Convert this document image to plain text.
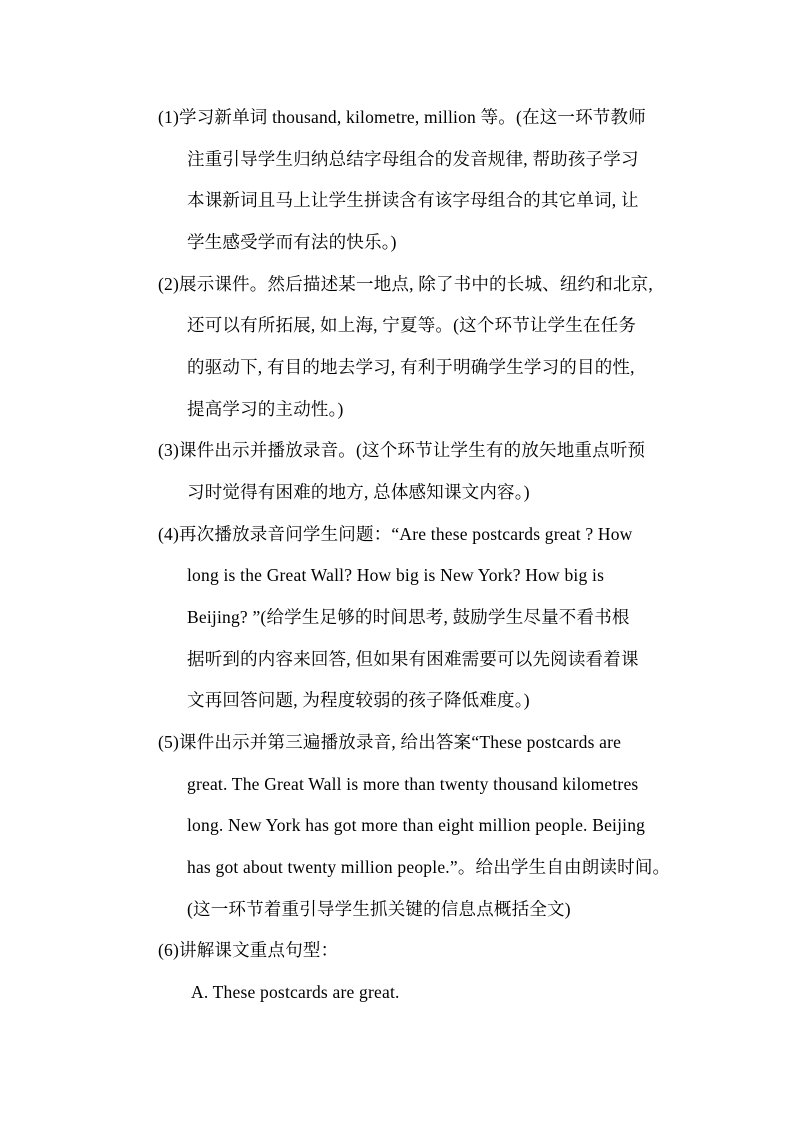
(1)学习新单词 thousand, kilometre, million 等。(在这一环节教师
注重引导学生归纳总结字母组合的发音规律, 帮助孩子学习
本课新词且马上让学生拼读含有该字母组合的其它单词, 让
学生感受学而有法的快乐。)
(2)展示课件。然后描述某一地点, 除了书中的长城、纽约和北京,
还可以有所拓展, 如上海, 宁夏等。(这个环节让学生在任务
的驱动下, 有目的地去学习, 有利于明确学生学习的目的性,
提高学习的主动性。)
(3)课件出示并播放录音。(这个环节让学生有的放矢地重点听预
习时觉得有困难的地方, 总体感知课文内容。)
(4)再次播放录音问学生问题：“Are these postcards great ? How
long is the Great Wall? How big is New York? How big is
Beijing? ”(给学生足够的时间思考, 鼓励学生尽量不看书根
据听到的内容来回答, 但如果有困难需要可以先阅读看着课
文再回答问题, 为程度较弱的孩子降低难度。)
(5)课件出示并第三遍播放录音, 给出答案“These postcards are
great. The Great Wall is more than twenty thousand kilometres
long. New York has got more than eight million people. Beijing
has got about twenty million people.”。给出学生自由朗读时间。
(这一环节着重引导学生抓关键的信息点概括全文)
(6)讲解课文重点句型：
A. These postcards are great.
